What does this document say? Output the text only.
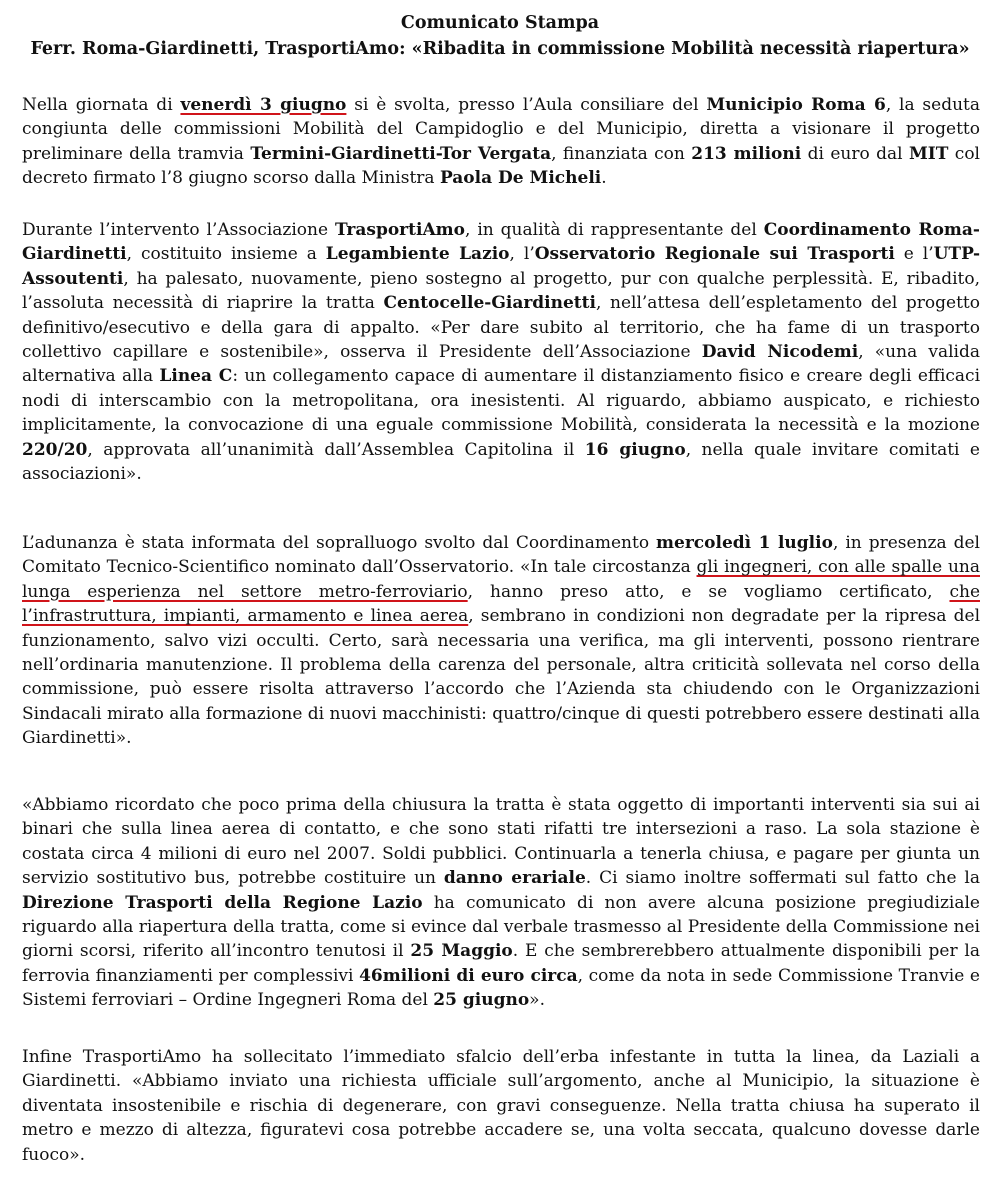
Comunicato Stampa
Ferr. Roma-Giardinetti, TrasportiAmo: «Ribadita in commissione Mobilità necessità riapertura»

Nella giornata di venerdì 3 giugno si è svolta, presso l’Aula consiliare del Municipio Roma 6, la seduta congiunta delle commissioni Mobilità del Campidoglio e del Municipio, diretta a visionare il progetto preliminare della tramvia Termini-Giardinetti-Tor Vergata, finanziata con 213 milioni di euro dal MIT col decreto firmato l’8 giugno scorso dalla Ministra Paola De Micheli.

Durante l’intervento l’Associazione TrasportiAmo, in qualità di rappresentante del Coordinamento Roma-Giardinetti, costituito insieme a Legambiente Lazio, l’Osservatorio Regionale sui Trasporti e l’UTP-Assoutenti, ha palesato, nuovamente, pieno sostegno al progetto, pur con qualche perplessità. E, ribadito, l’assoluta necessità di riaprire la tratta Centocelle-Giardinetti, nell’attesa dell’espletamento del progetto definitivo/esecutivo e della gara di appalto. «Per dare subito al territorio, che ha fame di un trasporto collettivo capillare e sostenibile», osserva il Presidente dell’Associazione David Nicodemi, «una valida alternativa alla Linea C: un collegamento capace di aumentare il distanziamento fisico e creare degli efficaci nodi di interscambio con la metropolitana, ora inesistenti. Al riguardo, abbiamo auspicato, e richiesto implicitamente, la convocazione di una eguale commissione Mobilità, considerata la necessità e la mozione 220/20, approvata all’unanimità dall’Assemblea Capitolina il 16 giugno, nella quale invitare comitati e associazioni».

L’adunanza è stata informata del sopralluogo svolto dal Coordinamento mercoledì 1 luglio, in presenza del Comitato Tecnico-Scientifico nominato dall’Osservatorio. «In tale circostanza gli ingegneri, con alle spalle una lunga esperienza nel settore metro-ferroviario, hanno preso atto, e se vogliamo certificato, che l’infrastruttura, impianti, armamento e linea aerea, sembrano in condizioni non degradate per la ripresa del funzionamento, salvo vizi occulti. Certo, sarà necessaria una verifica, ma gli interventi, possono rientrare nell’ordinaria manutenzione. Il problema della carenza del personale, altra criticità sollevata nel corso della commissione, può essere risolta attraverso l’accordo che l’Azienda sta chiudendo con le Organizzazioni Sindacali mirato alla formazione di nuovi macchinisti: quattro/cinque di questi potrebbero essere destinati alla Giardinetti».

«Abbiamo ricordato che poco prima della chiusura la tratta è stata oggetto di importanti interventi sia sui ai binari che sulla linea aerea di contatto, e che sono stati rifatti tre intersezioni a raso. La sola stazione è costata circa 4 milioni di euro nel 2007. Soldi pubblici. Continuarla a tenerla chiusa, e pagare per giunta un servizio sostitutivo bus, potrebbe costituire un danno erariale. Ci siamo inoltre soffermati sul fatto che la Direzione Trasporti della Regione Lazio ha comunicato di non avere alcuna posizione pregiudiziale riguardo alla riapertura della tratta, come si evince dal verbale trasmesso al Presidente della Commissione nei giorni scorsi, riferito all’incontro tenutosi il 25 Maggio. E che sembrerebbero attualmente disponibili per la ferrovia finanziamenti per complessivi 46milioni di euro circa, come da nota in sede Commissione Tranvie e Sistemi ferroviari – Ordine Ingegneri Roma del 25 giugno».

Infine TrasportiAmo ha sollecitato l’immediato sfalcio dell’erba infestante in tutta la linea, da Laziali a Giardinetti. «Abbiamo inviato una richiesta ufficiale sull’argomento, anche al Municipio, la situazione è diventata insostenibile e rischia di degenerare, con gravi conseguenze. Nella tratta chiusa ha superato il metro e mezzo di altezza, figuratevi cosa potrebbe accadere se, una volta seccata, qualcuno dovesse darle fuoco».
